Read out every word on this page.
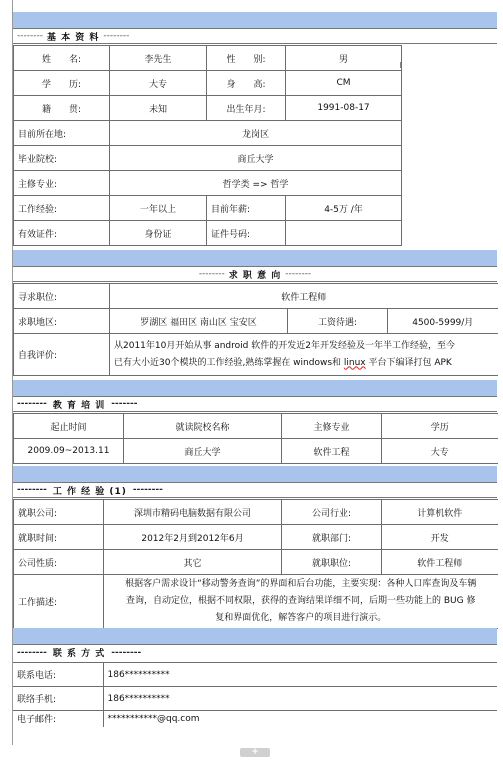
-------- 基 本 资 料 --------
姓　　名:	李先生	性　　别:	男
学　　历:	大专	身　　高:	CM
籍　　贯:	未知	出生年月:	1991-08-17
目前所在地:	龙岗区		
毕业院校:	商丘大学		
主修专业:	哲学类 => 哲学		
工作经验:	一年以上	目前年薪:	4-5万 /年
有效证件:	身份证	证件号码:	
-------- 求 职 意 向 --------
寻求职位:	软件工程师		
求职地区:	罗湖区 福田区 南山区 宝安区	工资待遇:	4500-5999/月
自我评价:	从2011年10月开始从事 android 软件的开发近2年开发经验及一年半工作经验，至今
已有大小近30个模块的工作经验,熟练掌握在 windows和 linux 平台下编译打包 APK		
-------- 教 育 培 训 -------
起止时间	就读院校名称	主修专业	学历
2009.09~2013.11	商丘大学	软件工程	大专
-------- 工 作 经 验 (1) --------
就职公司:	深圳市精码电脑数据有限公司	公司行业:	计算机软件
就职时间:	2012年2月到2012年6月	就职部门:	开发
公司性质:	其它	就职职位:	软件工程师
工作描述:	根据客户需求设计“移动警务查询”的界面和后台功能，主要实现：各种人口库查询及车辆
查询，自动定位，根据不同权限，获得的查询结果详细不同，后期一些功能上的 BUG 修
复和界面优化，解答客户的项目进行演示。		
-------- 联 系 方 式 --------
联系电话:	186**********
联络手机:	186**********
电子邮件:	***********@qq.com
+
